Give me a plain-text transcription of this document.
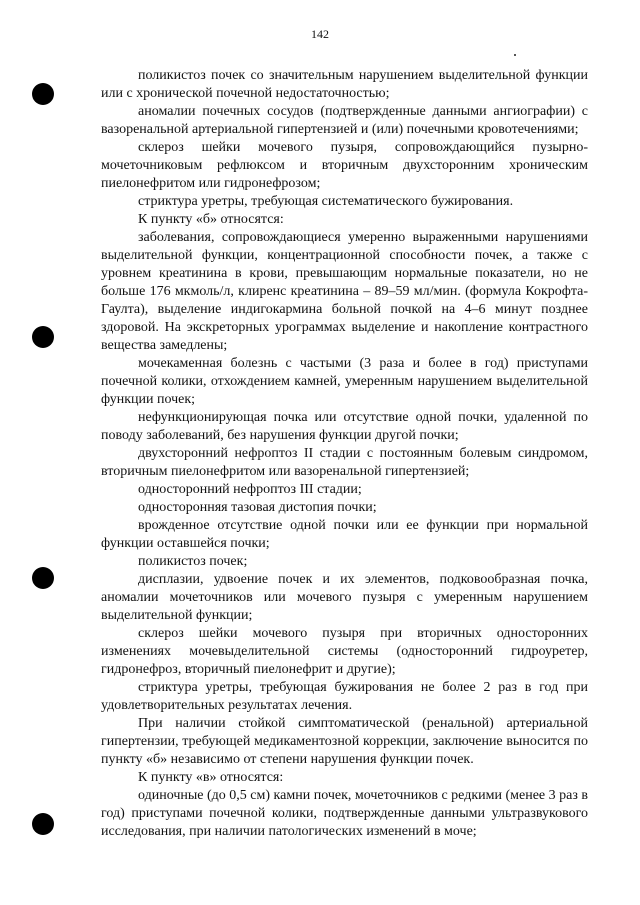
142

поликистоз почек со значительным нарушением выделительной функции или с хронической почечной недостаточностью;

аномалии почечных сосудов (подтвержденные данными ангиографии) с вазоренальной артериальной гипертензией и (или) почечными кровотечениями;

склероз шейки мочевого пузыря, сопровождающийся пузырно-мочеточниковым рефлюксом и вторичным двухсторонним хроническим пиелонефритом или гидронефрозом;

стриктура уретры, требующая систематического бужирования.

К пункту «б» относятся:

заболевания, сопровождающиеся умеренно выраженными нарушениями выделительной функции, концентрационной способности почек, а также с уровнем креатинина в крови, превышающим нормальные показатели, но не больше 176 мкмоль/л, клиренс креатинина – 89–59 мл/мин. (формула Кокрофта-Гаулта), выделение индигокармина больной почкой на 4–6 минут позднее здоровой. На экскреторных урограммах выделение и накопление контрастного вещества замедлены;

мочекаменная болезнь с частыми (3 раза и более в год) приступами почечной колики, отхождением камней, умеренным нарушением выделительной функции почек;

нефункционирующая почка или отсутствие одной почки, удаленной по поводу заболеваний, без нарушения функции другой почки;

двухсторонний нефроптоз II стадии с постоянным болевым синдромом, вторичным пиелонефритом или вазоренальной гипертензией;

односторонний нефроптоз III стадии;

односторонняя тазовая дистопия почки;

врожденное отсутствие одной почки или ее функции при нормальной функции оставшейся почки;

поликистоз почек;

дисплазии, удвоение почек и их элементов, подковообразная почка, аномалии мочеточников или мочевого пузыря с умеренным нарушением выделительной функции;

склероз шейки мочевого пузыря при вторичных односторонних изменениях мочевыделительной системы (односторонний гидроуретер, гидронефроз, вторичный пиелонефрит и другие);

стриктура уретры, требующая бужирования не более 2 раз в год при удовлетворительных результатах лечения.

При наличии стойкой симптоматической (ренальной) артериальной гипертензии, требующей медикаментозной коррекции, заключение выносится по пункту «б» независимо от степени нарушения функции почек.

К пункту «в» относятся:

одиночные (до 0,5 см) камни почек, мочеточников с редкими (менее 3 раз в год) приступами почечной колики, подтвержденные данными ультразвукового исследования, при наличии патологических изменений в моче;
